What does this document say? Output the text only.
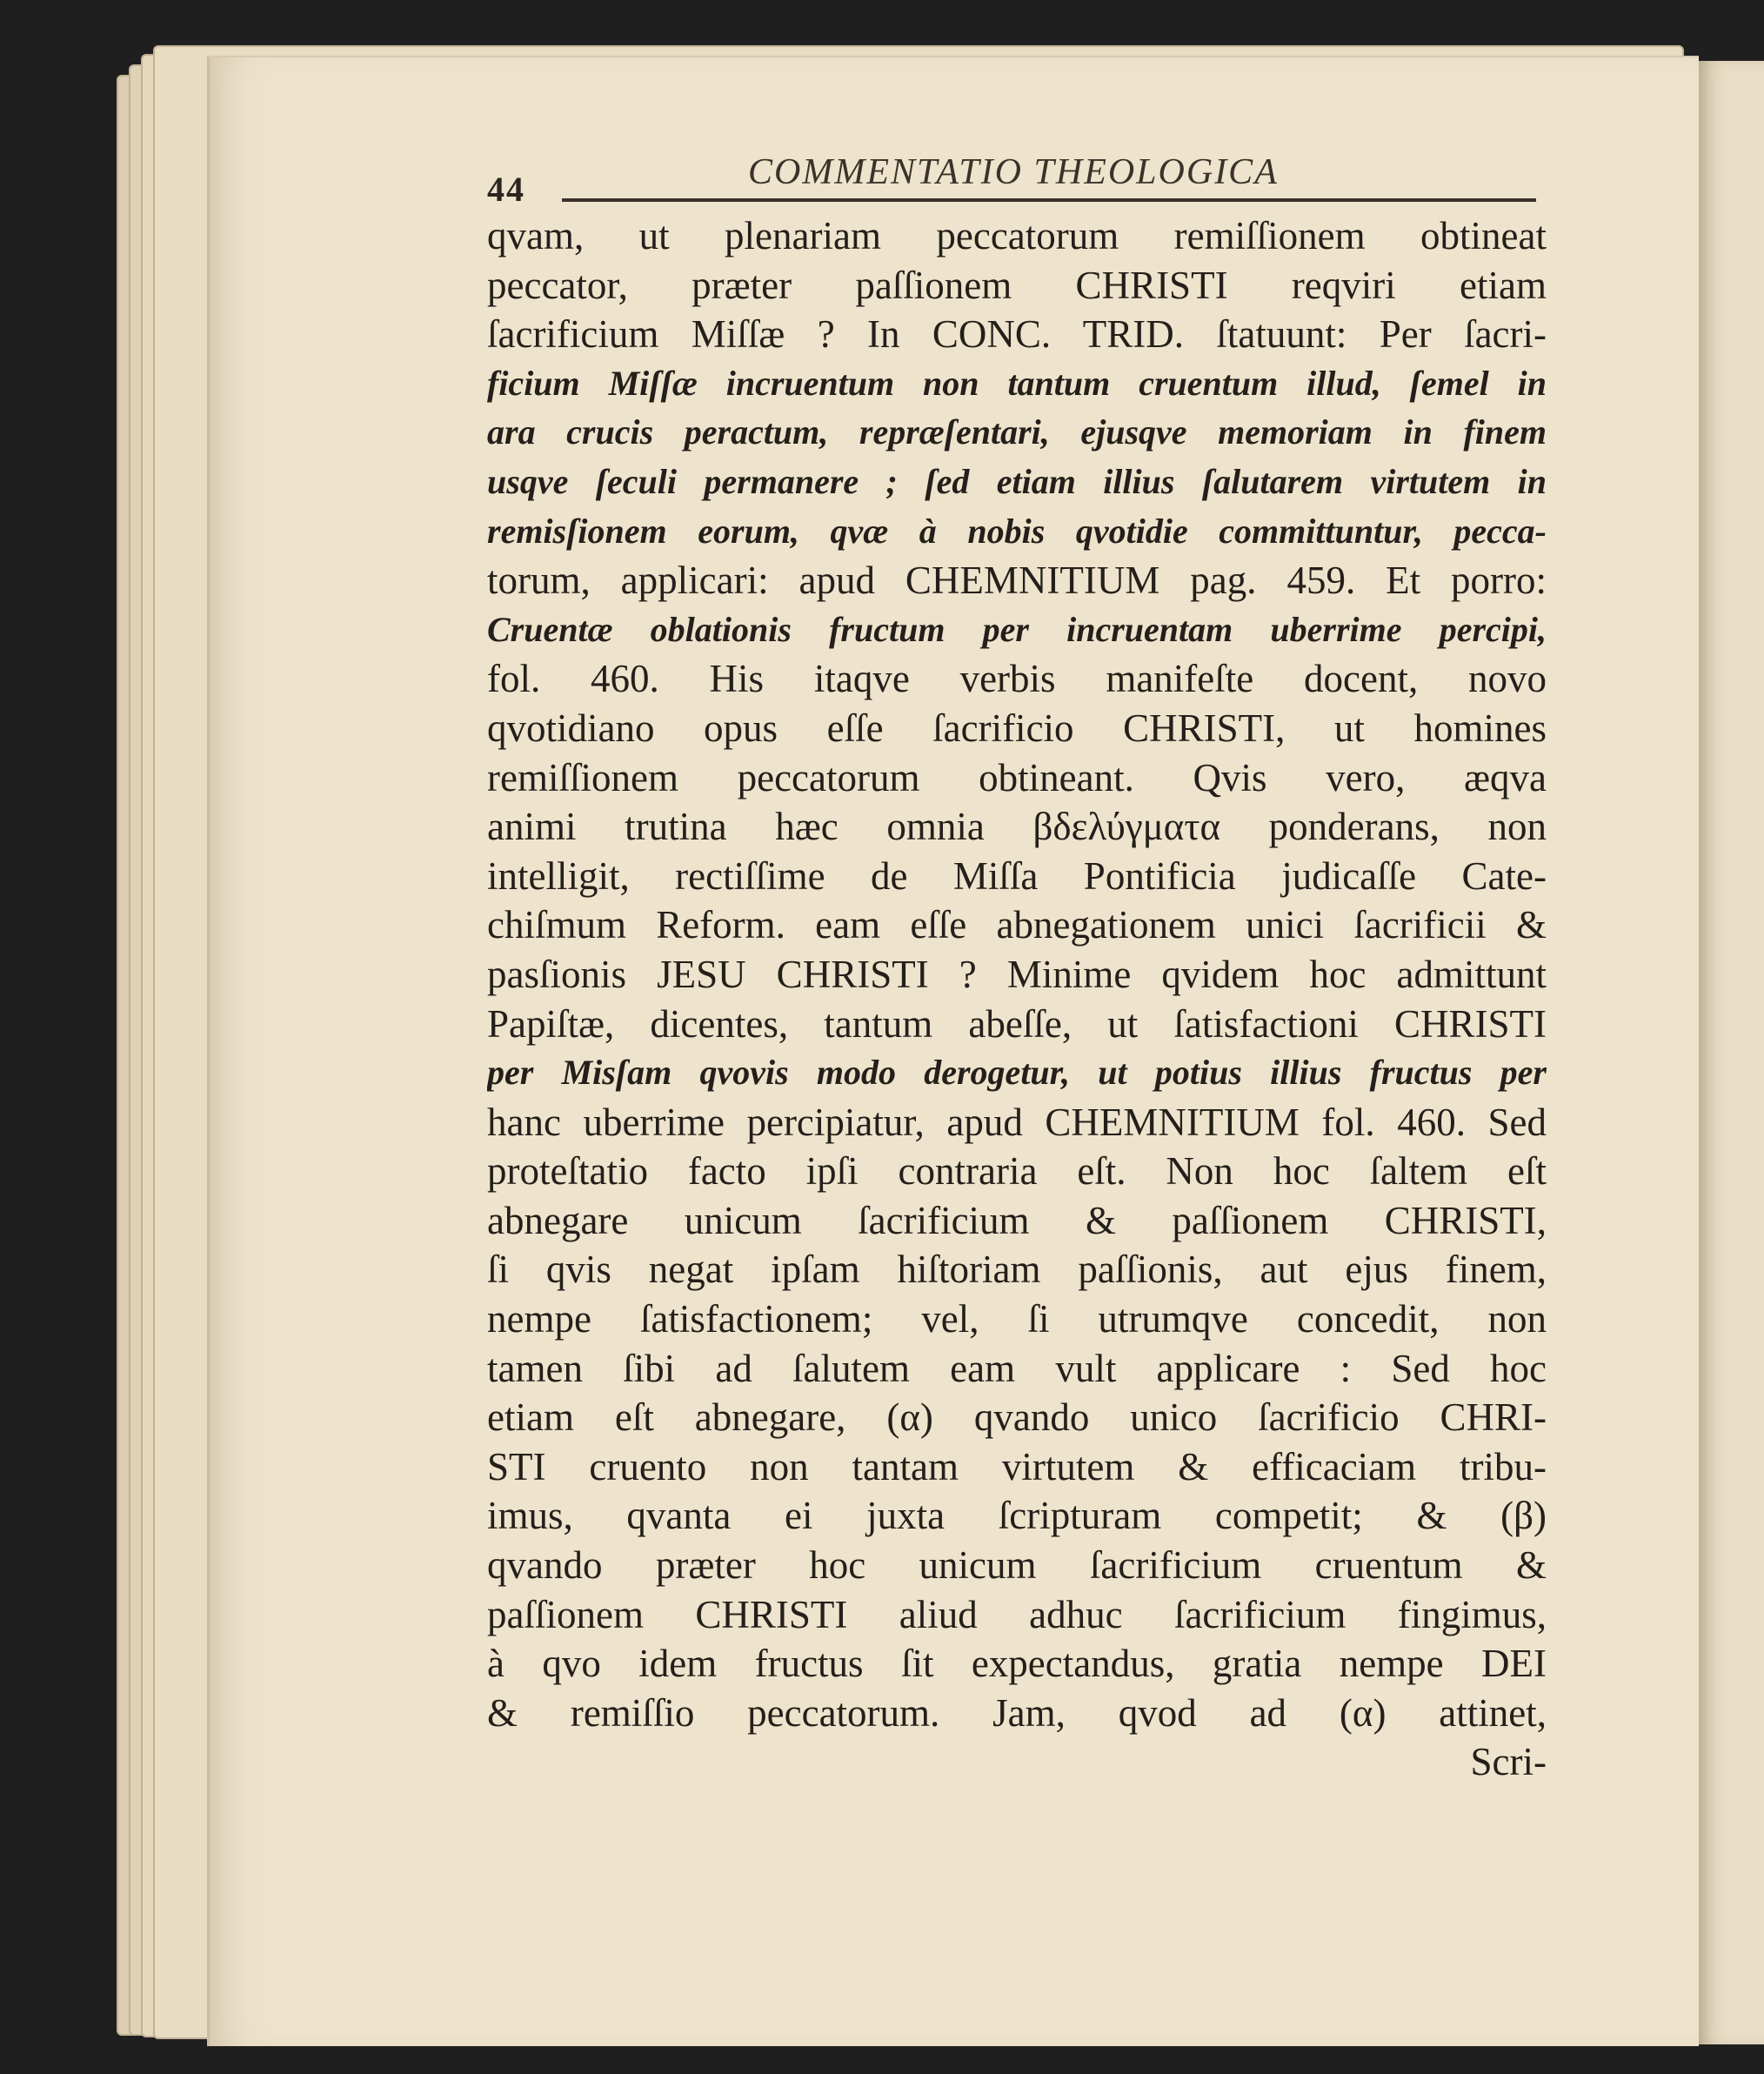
44	COMMENTATIO THEOLOGICA
qvam, ut plenariam peccatorum remiſſionem obtineat
peccator, præter paſſionem CHRISTI reqviri etiam
ſacrificium Miſſæ ? In CONC. TRID. ſtatuunt: Per ſacri-
ficium Miſſæ incruentum non tantum cruentum illud, ſemel in
ara crucis peractum, repræſentari, ejusqve memoriam in finem
usqve ſeculi permanere ; ſed etiam illius ſalutarem virtutem in
remisſionem eorum, qvæ à nobis qvotidie committuntur, pecca-
torum, applicari: apud CHEMNITIUM pag. 459. Et porro:
Cruentæ oblationis fructum per incruentam uberrime percipi,
fol. 460. His itaqve verbis manifeſte docent, novo
qvotidiano opus eſſe ſacrificio CHRISTI, ut homines
remiſſionem peccatorum obtineant. Qvis vero, æqva
animi trutina hæc omnia βδελύγματα ponderans, non
intelligit, rectiſſime de Miſſa Pontificia judicaſſe Cate-
chiſmum Reform. eam eſſe abnegationem unici ſacrificii &
pasſionis JESU CHRISTI ? Minime qvidem hoc admittunt
Papiſtæ, dicentes, tantum abeſſe, ut ſatisfactioni CHRISTI
per Misſam qvovis modo derogetur, ut potius illius fructus per
hanc uberrime percipiatur, apud CHEMNITIUM fol. 460. Sed
proteſtatio facto ipſi contraria eſt. Non hoc ſaltem eſt
abnegare unicum ſacrificium & paſſionem CHRISTI,
ſi qvis negat ipſam hiſtoriam paſſionis, aut ejus finem,
nempe ſatisfactionem; vel, ſi utrumqve concedit, non
tamen ſibi ad ſalutem eam vult applicare : Sed hoc
etiam eſt abnegare, (α) qvando unico ſacrificio CHRI-
STI cruento non tantam virtutem & efficaciam tribu-
imus, qvanta ei juxta ſcripturam competit; & (β)
qvando præter hoc unicum ſacrificium cruentum &
paſſionem CHRISTI aliud adhuc ſacrificium fingimus,
à qvo idem fructus ſit expectandus, gratia nempe DEI
& remiſſio peccatorum. Jam, qvod ad (α) attinet,
Scri-
